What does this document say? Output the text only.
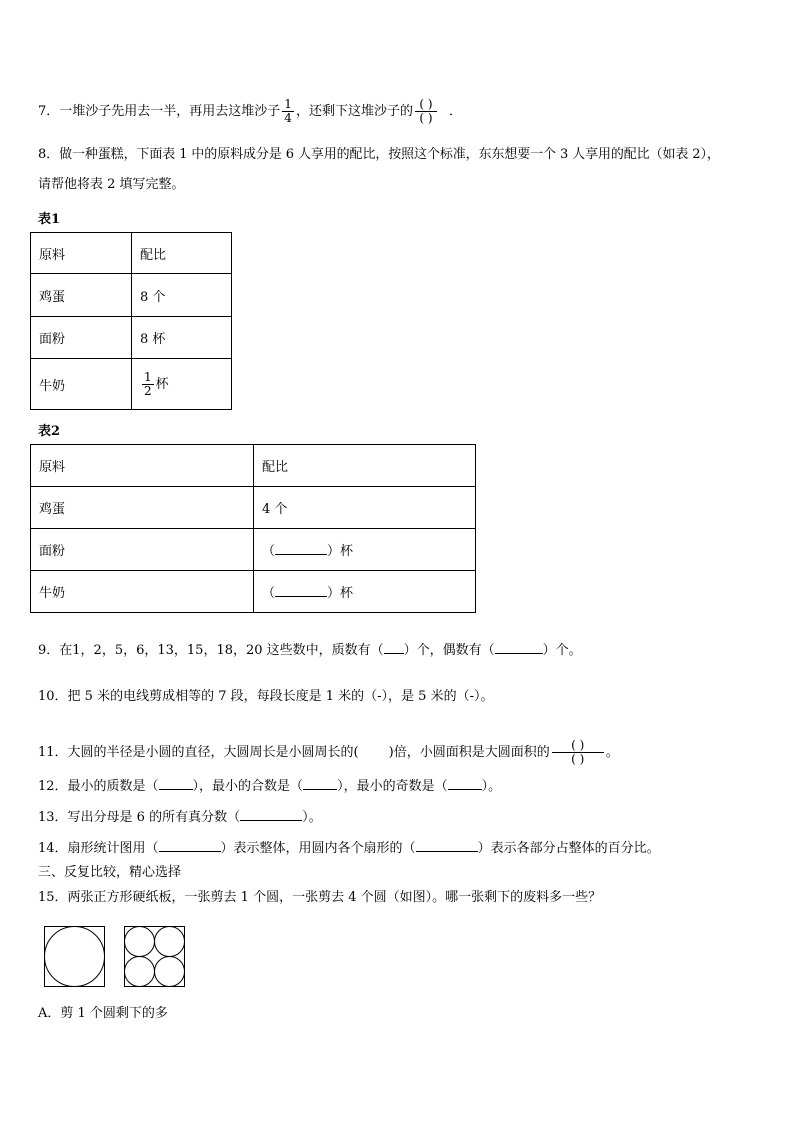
7．一堆沙子先用去一半，再用去这堆沙子 $\frac{1}{4}$ ，还剩下这堆沙子的 $\frac{( )}{( )}$ ．
8．做一种蛋糕，下面表 1 中的原料成分是 6 人享用的配比，按照这个标准，东东想要一个 3 人享用的配比（如表 2），
请帮他将表 2 填写完整。
表1
原料	配比
鸡蛋	8 个
面粉	8 杯
牛奶	$\frac{1}{2}$ 杯
表2
原料	配比
鸡蛋	4 个
面粉	（ ）杯
牛奶	（ ）杯
9．在1，2，5，6，13，15，18，20 这些数中，质数有（ ）个，偶数有（	）个。
10．把 5 米的电线剪成相等的 7 段，每段长度是 1 米的（-），是 5 米的（-）。
11．大圆的半径是小圆的直径，大圆周长是小圆周长的( )倍，小圆面积是大圆面积的 $\frac{( )}{( )}$ 。
12．最小的质数是（	），最小的合数是（	），最小的奇数是（	）。
13．写出分母是 6 的所有真分数（	）。
14．扇形统计图用（	）表示整体，用圆内各个扇形的（	）表示各部分占整体的百分比。
三、反复比较，精心选择
15．两张正方形硬纸板，一张剪去 1 个圆，一张剪去 4 个圆（如图）。哪一张剩下的废料多一些？
A．剪 1 个圆剩下的多
